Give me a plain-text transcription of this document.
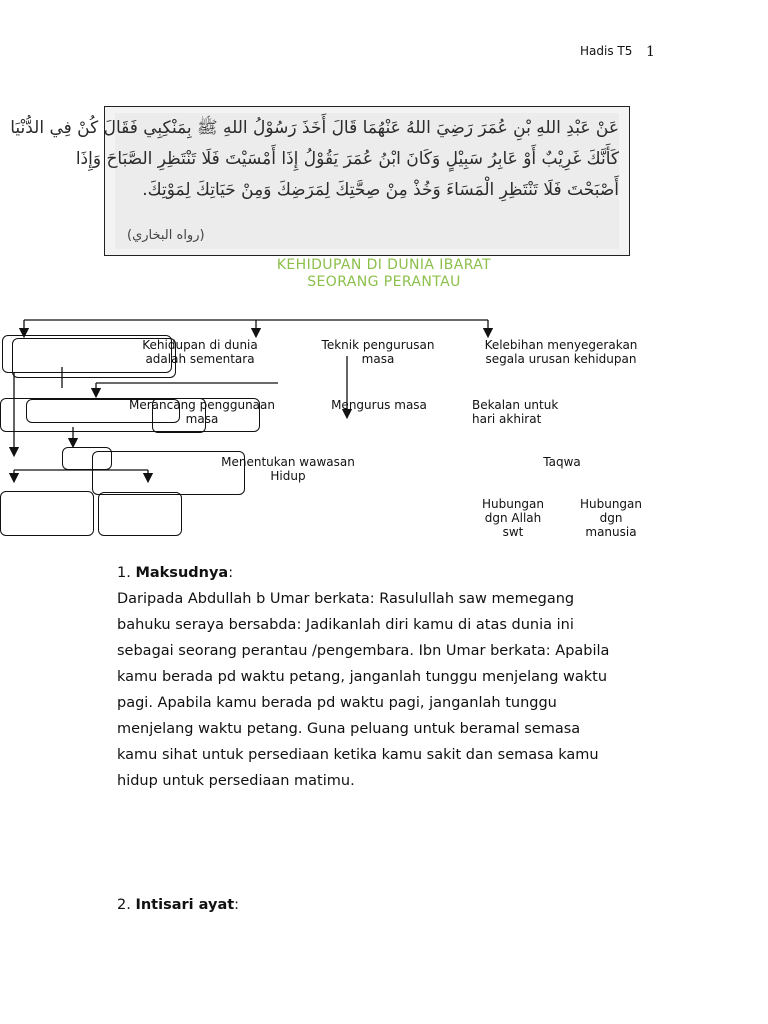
Hadis T5 1
عَنْ عَبْدِ اللهِ بْنِ عُمَرَ رَضِيَ اللهُ عَنْهُمَا قَالَ أَخَذَ رَسُوْلُ اللهِ ﷺ بِمَنْكِبِي فَقَالَ كُنْ فِي الدُّنْيَا
كَأَنَّكَ غَرِيْبٌ أَوْ عَابِرُ سَبِيْلٍ وَكَانَ ابْنُ عُمَرَ يَقُوْلُ إِذَا أَمْسَيْتَ فَلَا تَنْتَظِرِ الصَّبَاحَ وَإِذَا
أَصْبَحْتَ فَلَا تَنْتَظِرِ الْمَسَاءَ وَخُذْ مِنْ صِحَّتِكَ لِمَرَضِكَ وَمِنْ حَيَاتِكَ لِمَوْتِكَ.
(رواه البخاري)
KEHIDUPAN DI DUNIA IBARAT
SEORANG PERANTAU
Kehidupan di dunia
adalah sementara
Teknik pengurusan
masa
Kelebihan menyegerakan
segala urusan kehidupan
Merancang penggunaan
masa
Mengurus masa	Bekalan untuk
hari akhirat
Menentukan wawasan
Hidup
Taqwa
Hubungan
dgn Allah
swt
Hubungan
dgn
manusia
1. Maksudnya:
Daripada Abdullah b Umar berkata: Rasulullah saw memegang
bahuku seraya bersabda: Jadikanlah diri kamu di atas dunia ini
sebagai seorang perantau /pengembara. Ibn Umar berkata: Apabila
kamu berada pd waktu petang, janganlah tunggu menjelang waktu
pagi. Apabila kamu berada pd waktu pagi, janganlah tunggu
menjelang waktu petang. Guna peluang untuk beramal semasa
kamu sihat untuk persediaan ketika kamu sakit dan semasa kamu
hidup untuk persediaan matimu.
2. Intisari ayat:
